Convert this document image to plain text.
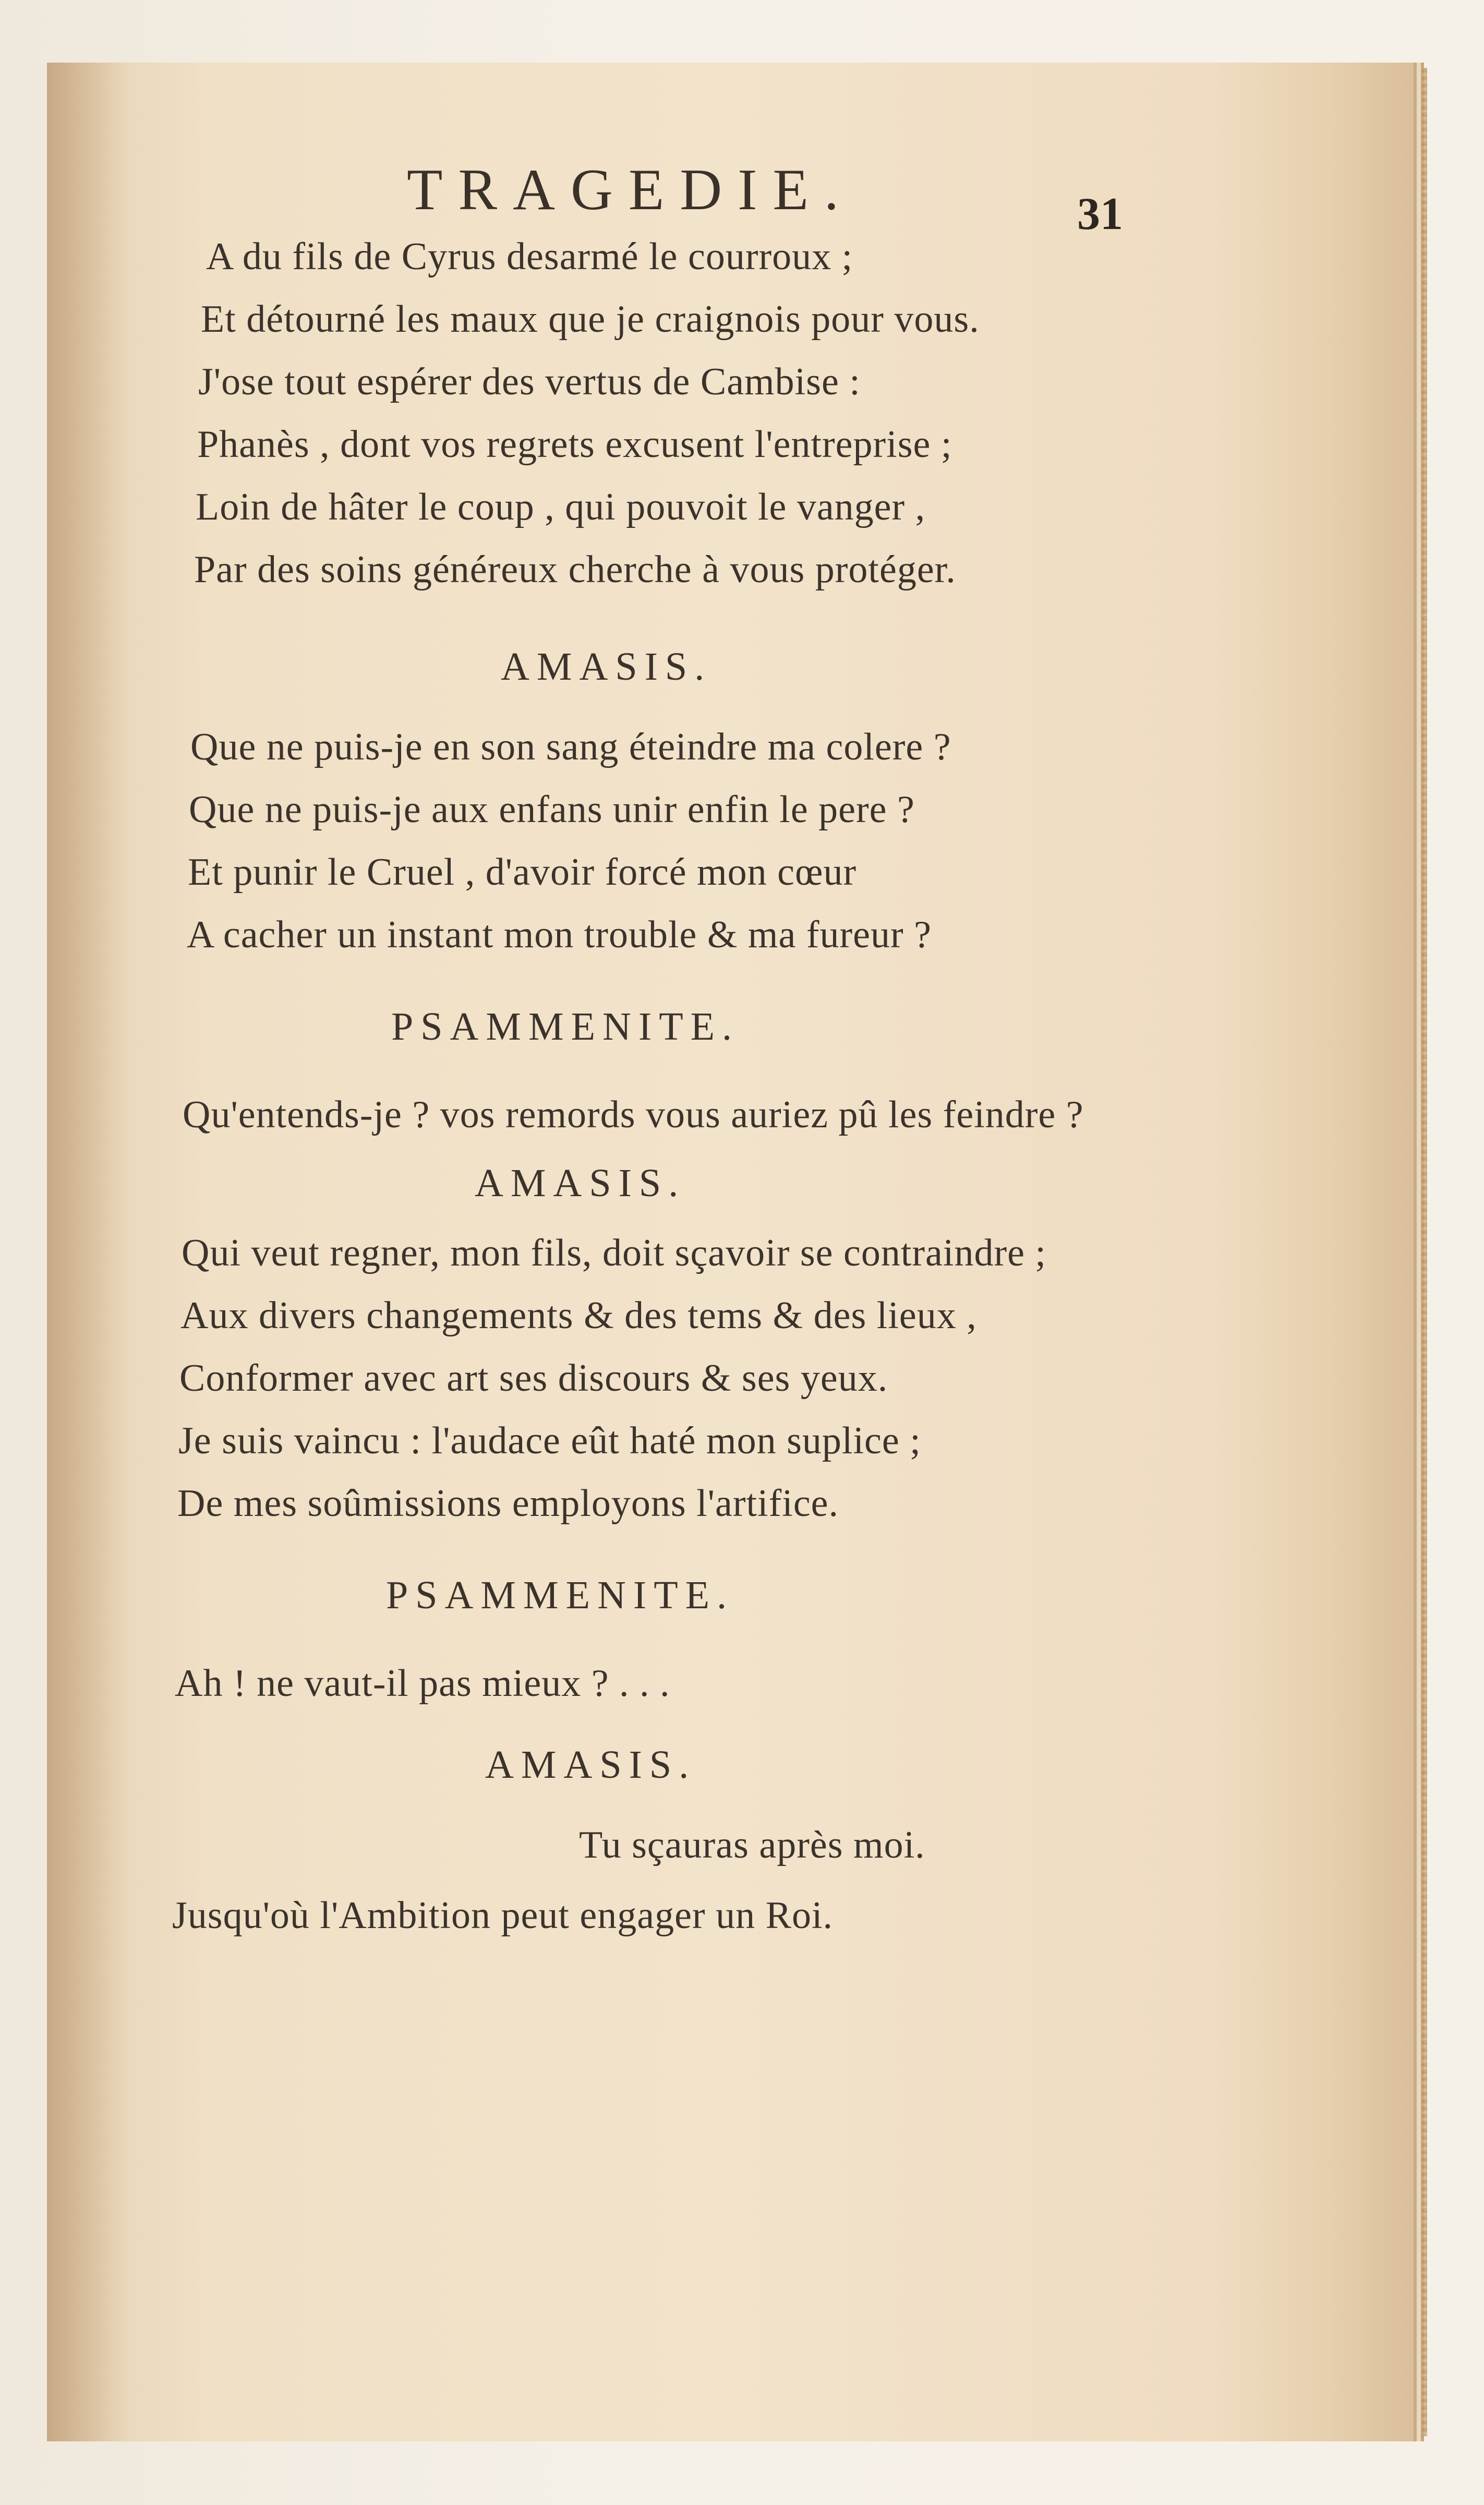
TRAGEDIE.	31
A du fils de Cyrus desarmé le courroux ;
Et détourné les maux que je craignois pour vous.
J'ose tout espérer des vertus de Cambise :
Phanès , dont vos regrets excusent l'entreprise ;
Loin de hâter le coup , qui pouvoit le vanger ,
Par des soins généreux cherche à vous protéger.
AMASIS.
Que ne puis-je en son sang éteindre ma colere ?
Que ne puis-je aux enfans unir enfin le pere ?
Et punir le Cruel , d'avoir forcé mon cœur
A cacher un instant mon trouble & ma fureur ?
PSAMMENITE.
Qu'entends-je ? vos remords vous auriez pû les feindre ?
AMASIS.
Qui veut regner, mon fils, doit sçavoir se contraindre ;
Aux divers changements & des tems & des lieux ,
Conformer avec art ses discours & ses yeux.
Je suis vaincu : l'audace eût haté mon suplice ;
De mes soûmissions employons l'artifice.
PSAMMENITE.
Ah ! ne vaut-il pas mieux ? . . .
AMASIS.
Tu sçauras après moi.
Jusqu'où l'Ambition peut engager un Roi.
